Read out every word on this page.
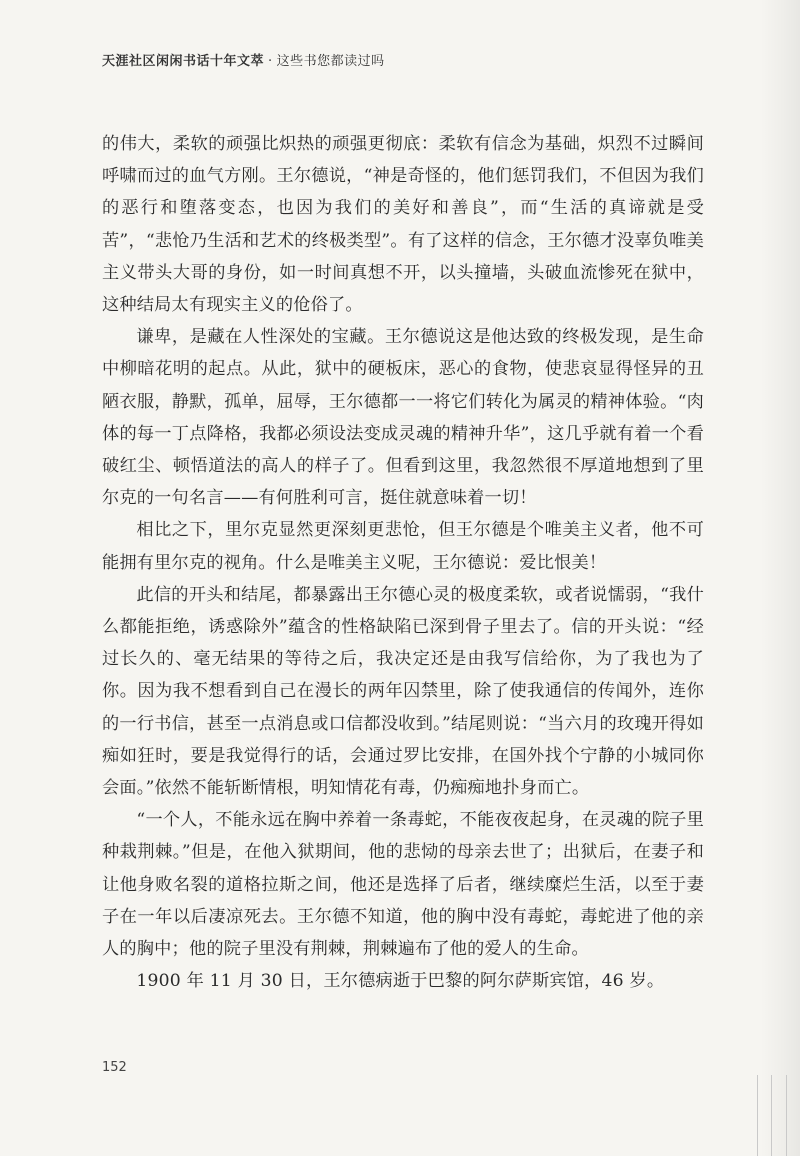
天涯社区闲闲书话十年文萃 · 这些书您都读过吗

的伟大，柔软的顽强比炽热的顽强更彻底：柔软有信念为基础，炽烈不过瞬间呼啸而过的血气方刚。王尔德说，“神是奇怪的，他们惩罚我们，不但因为我们的恶行和堕落变态，也因为我们的美好和善良”，而“生活的真谛就是受苦”，“悲怆乃生活和艺术的终极类型”。有了这样的信念，王尔德才没辜负唯美主义带头大哥的身份，如一时间真想不开，以头撞墙，头破血流惨死在狱中，这种结局太有现实主义的伧俗了。

谦卑，是藏在人性深处的宝藏。王尔德说这是他达致的终极发现，是生命中柳暗花明的起点。从此，狱中的硬板床，恶心的食物，使悲哀显得怪异的丑陋衣服，静默，孤单，屈辱，王尔德都一一将它们转化为属灵的精神体验。“肉体的每一丁点降格，我都必须设法变成灵魂的精神升华”，这几乎就有着一个看破红尘、顿悟道法的高人的样子了。但看到这里，我忽然很不厚道地想到了里尔克的一句名言——有何胜利可言，挺住就意味着一切！

相比之下，里尔克显然更深刻更悲怆，但王尔德是个唯美主义者，他不可能拥有里尔克的视角。什么是唯美主义呢，王尔德说：爱比恨美！

此信的开头和结尾，都暴露出王尔德心灵的极度柔软，或者说懦弱，“我什么都能拒绝，诱惑除外”蕴含的性格缺陷已深到骨子里去了。信的开头说：“经过长久的、毫无结果的等待之后，我决定还是由我写信给你，为了我也为了你。因为我不想看到自己在漫长的两年囚禁里，除了使我通信的传闻外，连你的一行书信，甚至一点消息或口信都没收到。”结尾则说：“当六月的玫瑰开得如痴如狂时，要是我觉得行的话，会通过罗比安排，在国外找个宁静的小城同你会面。”依然不能斩断情根，明知情花有毒，仍痴痴地扑身而亡。

“一个人，不能永远在胸中养着一条毒蛇，不能夜夜起身，在灵魂的院子里种栽荆棘。”但是，在他入狱期间，他的悲恸的母亲去世了；出狱后，在妻子和让他身败名裂的道格拉斯之间，他还是选择了后者，继续糜烂生活，以至于妻子在一年以后凄凉死去。王尔德不知道，他的胸中没有毒蛇，毒蛇进了他的亲人的胸中；他的院子里没有荆棘，荆棘遍布了他的爱人的生命。

1900 年 11 月 30 日，王尔德病逝于巴黎的阿尔萨斯宾馆，46 岁。

152
